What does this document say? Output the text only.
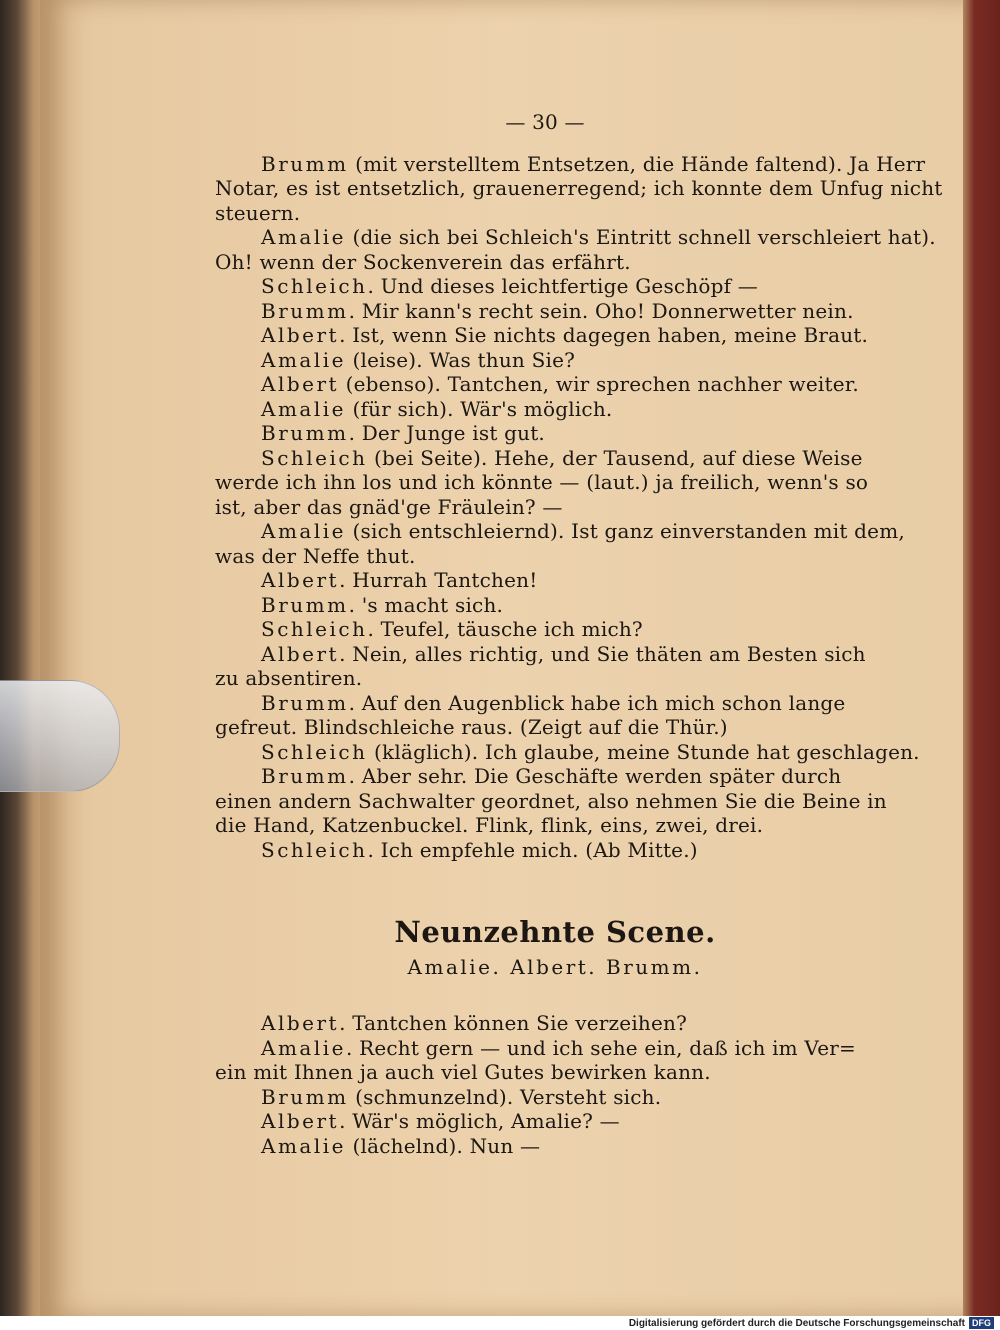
— 30 —
Brumm (mit verstelltem Entsetzen, die Hände faltend). Ja Herr
Notar, es ist entsetzlich, grauenerregend; ich konnte dem Unfug nicht
steuern.
Amalie (die sich bei Schleich's Eintritt schnell verschleiert hat).
Oh! wenn der Sockenverein das erfährt.
Schleich. Und dieses leichtfertige Geschöpf —
Brumm. Mir kann's recht sein. Oho! Donnerwetter nein.
Albert. Ist, wenn Sie nichts dagegen haben, meine Braut.
Amalie (leise). Was thun Sie?
Albert (ebenso). Tantchen, wir sprechen nachher weiter.
Amalie (für sich). Wär's möglich.
Brumm. Der Junge ist gut.
Schleich (bei Seite). Hehe, der Tausend, auf diese Weise
werde ich ihn los und ich könnte — (laut.) ja freilich, wenn's so
ist, aber das gnäd'ge Fräulein? —
Amalie (sich entschleiernd). Ist ganz einverstanden mit dem,
was der Neffe thut.
Albert. Hurrah Tantchen!
Brumm. 's macht sich.
Schleich. Teufel, täusche ich mich?
Albert. Nein, alles richtig, und Sie thäten am Besten sich
zu absentiren.
Brumm. Auf den Augenblick habe ich mich schon lange
gefreut. Blindschleiche raus. (Zeigt auf die Thür.)
Schleich (kläglich). Ich glaube, meine Stunde hat geschlagen.
Brumm. Aber sehr. Die Geschäfte werden später durch
einen andern Sachwalter geordnet, also nehmen Sie die Beine in
die Hand, Katzenbuckel. Flink, flink, eins, zwei, drei.
Schleich. Ich empfehle mich. (Ab Mitte.)
Neunzehnte Scene.
Amalie. Albert. Brumm.
Albert. Tantchen können Sie verzeihen?
Amalie. Recht gern — und ich sehe ein, daß ich im Ver=
ein mit Ihnen ja auch viel Gutes bewirken kann.
Brumm (schmunzelnd). Versteht sich.
Albert. Wär's möglich, Amalie? —
Amalie (lächelnd). Nun —
Digitalisierung gefördert durch die Deutsche Forschungsgemeinschaft DFG
